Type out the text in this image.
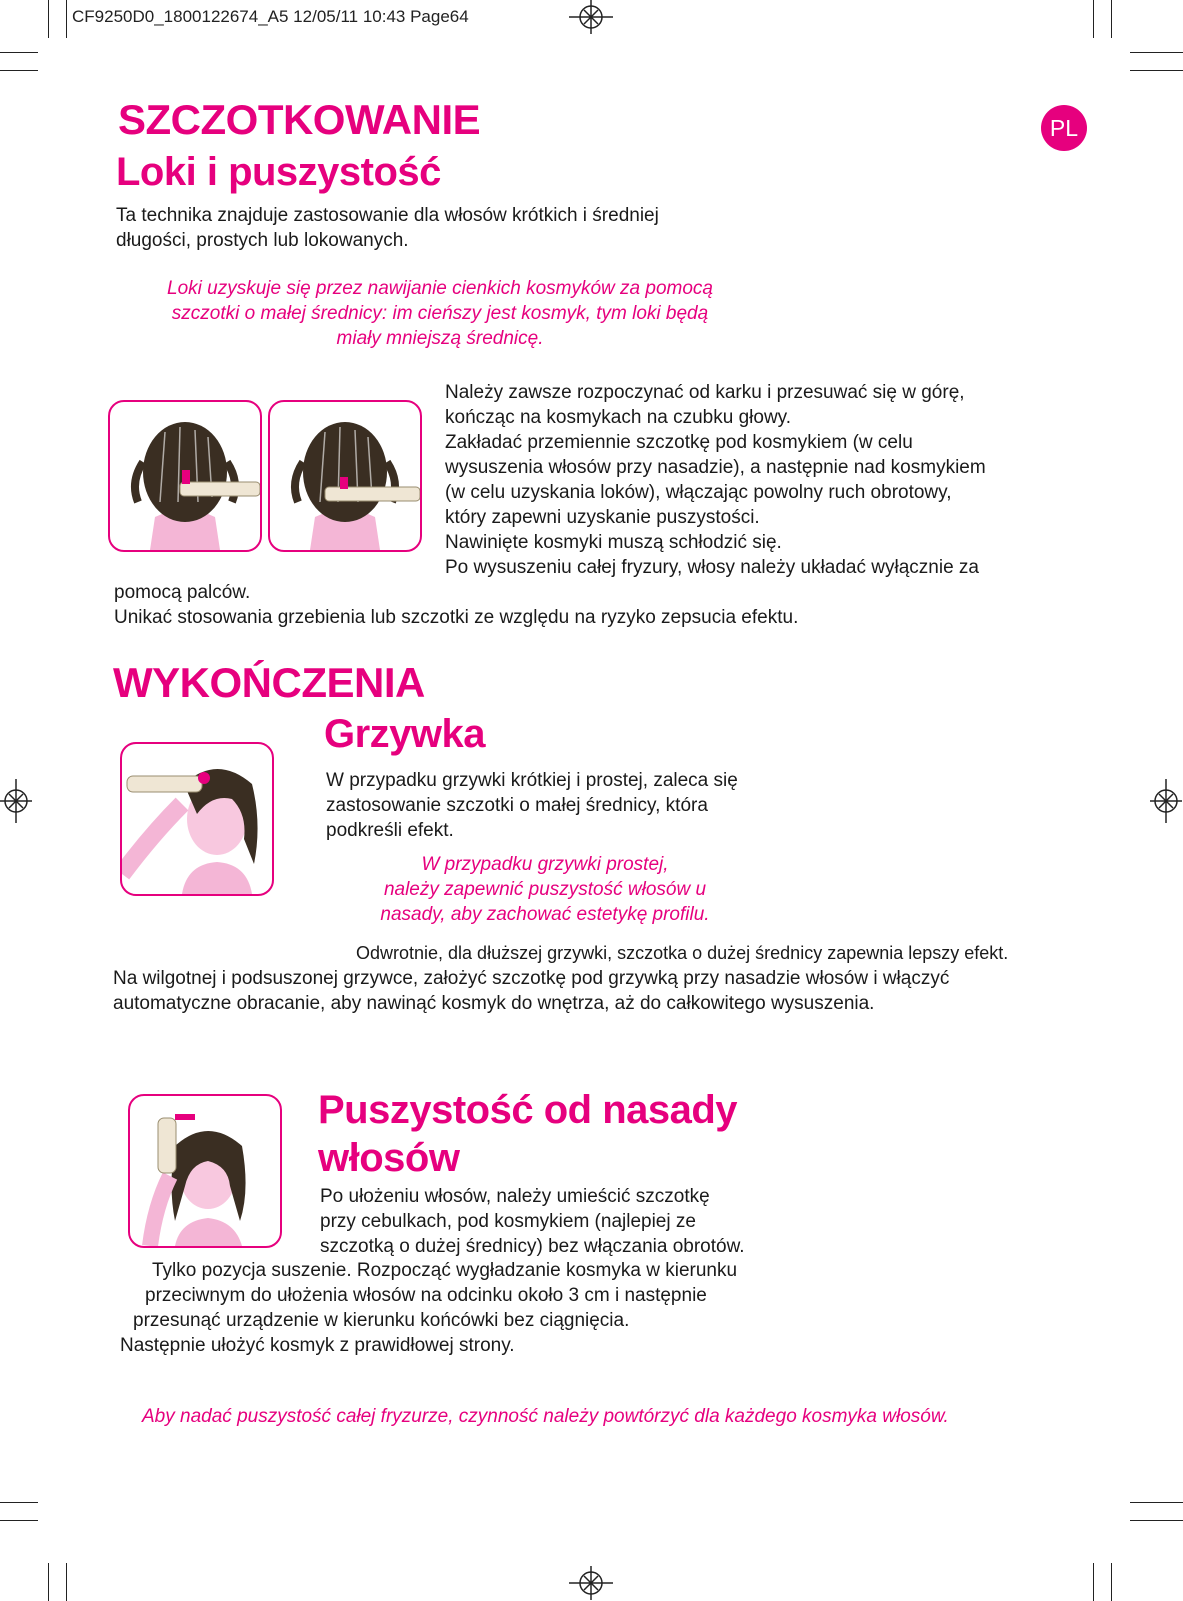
CF9250D0_1800122674_A5 12/05/11 10:43 Page64
PL
SZCZOTKOWANIE
Loki i puszystość
Ta technika znajduje zastosowanie dla włosów krótkich i średniej
długości, prostych lub lokowanych.
Loki uzyskuje się przez nawijanie cienkich kosmyków za pomocą
szczotki o małej średnicy: im cieńszy jest kosmyk, tym loki będą
miały mniejszą średnicę.
Należy zawsze rozpoczynać od karku i przesuwać się w górę,
kończąc na kosmykach na czubku głowy.
Zakładać przemiennie szczotkę pod kosmykiem (w celu
wysuszenia włosów przy nasadzie), a następnie nad kosmykiem
(w celu uzyskania loków), włączając powolny ruch obrotowy,
który zapewni uzyskanie puszystości.
Nawinięte kosmyki muszą schłodzić się.
Po wysuszeniu całej fryzury, włosy należy układać wyłącznie za
pomocą palców.
Unikać stosowania grzebienia lub szczotki ze względu na ryzyko zepsucia efektu.
WYKOŃCZENIA
Grzywka
W przypadku grzywki krótkiej i prostej, zaleca się
zastosowanie szczotki o małej średnicy, która
podkreśli efekt.
W przypadku grzywki prostej,
należy zapewnić puszystość włosów u
nasady, aby zachować estetykę profilu.
Odwrotnie, dla dłuższej grzywki, szczotka o dużej średnicy zapewnia lepszy efekt.
Na wilgotnej i podsuszonej grzywce, założyć szczotkę pod grzywką przy nasadzie włosów i włączyć
automatyczne obracanie, aby nawinąć kosmyk do wnętrza, aż do całkowitego wysuszenia.
Puszystość od nasady
włosów
Po ułożeniu włosów, należy umieścić szczotkę
przy cebulkach, pod kosmykiem (najlepiej ze
szczotką o dużej średnicy) bez włączania obrotów.
Tylko pozycja suszenie. Rozpocząć wygładzanie kosmyka w kierunku
przeciwnym do ułożenia włosów na odcinku około 3 cm i następnie
przesunąć urządzenie w kierunku końcówki bez ciągnięcia.
Następnie ułożyć kosmyk z prawidłowej strony.
Aby nadać puszystość całej fryzurze, czynność należy powtórzyć dla każdego kosmyka włosów.
